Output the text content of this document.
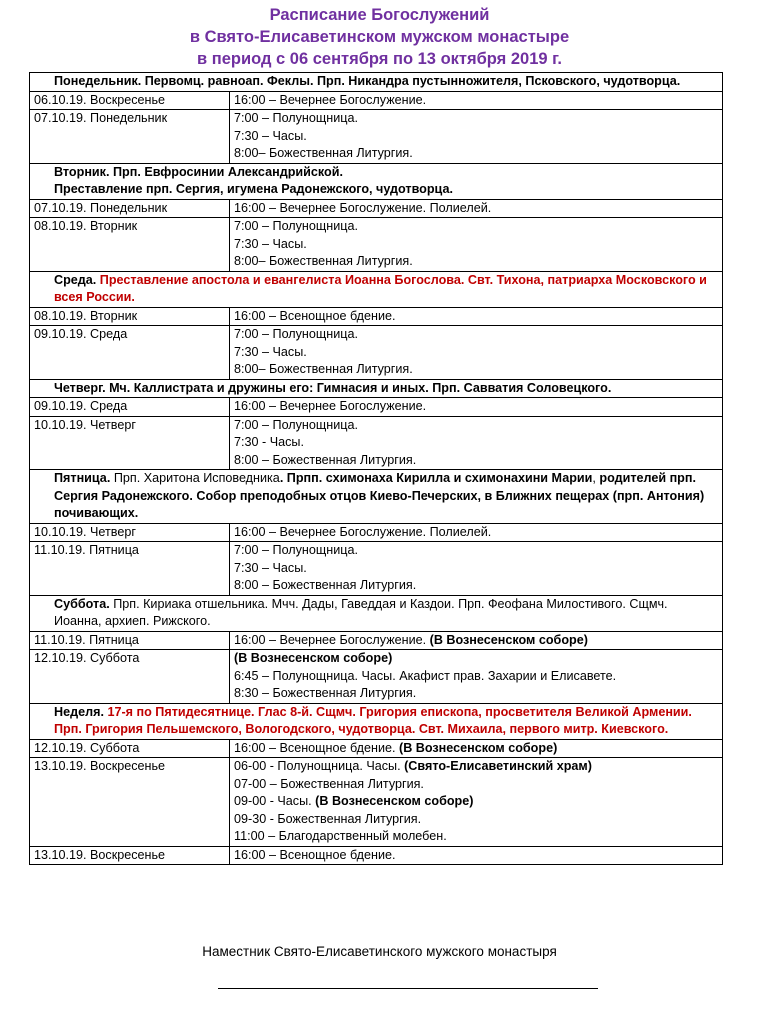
Расписание Богослужений
в Свято-Елисаветинском мужском монастыре
в период с 06 сентября по 13 октября 2019 г.
Понедельник. Первомц. равноап. Феклы. Прп. Никандра пустынножителя, Псковского, чудотворца.	
06.10.19. Воскресенье	16:00 – Вечернее Богослужение.

07.10.19. Понедельник	7:00 – Полунощница.
7:30 – Часы.
8:00– Божественная Литургия.

Вторник. Прп. Евфросинии Александрийской.
Преставление прп. Сергия, игумена Радонежского, чудотворца.	
07.10.19. Понедельник	16:00 – Вечернее Богослужение. Полиелей.

08.10.19. Вторник	7:00 – Полунощница.
7:30 – Часы.
8:00– Божественная Литургия.

Среда. Преставление апостола и евангелиста Иоанна Богослова. Свт. Тихона, патриарха Московского и всея России.	
08.10.19. Вторник	16:00 – Всенощное бдение.

09.10.19. Среда	7:00 – Полунощница.
7:30 – Часы.
8:00– Божественная Литургия.

Четверг. Мч. Каллистрата и дружины его: Гимнасия и иных. Прп. Савватия Соловецкого.	
09.10.19. Среда	16:00 – Вечернее Богослужение.

10.10.19. Четверг	7:00 – Полунощница.
7:30 - Часы.
8:00 – Божественная Литургия.

Пятница. Прп. Харитона Исповедника. Прпп. схимонаха Кирилла и схимонахини Марии, родителей прп. Сергия Радонежского. Собор преподобных отцов Киево-Печерских, в Ближних пещерах (прп. Антония) почивающих.	
10.10.19. Четверг	16:00 – Вечернее Богослужение. Полиелей.

11.10.19. Пятница	7:00 – Полунощница.
7:30 – Часы.
8:00 – Божественная Литургия.

Суббота. Прп. Кириака отшельника. Мчч. Дады, Гаведдая и Каздои. Прп. Феофана Милостивого. Сщмч. Иоанна, архиеп. Рижского.	
11.10.19. Пятница	16:00 – Вечернее Богослужение. (В Вознесенском соборе)

12.10.19. Суббота	(В Вознесенском соборе)
6:45 – Полунощница. Часы. Акафист прав. Захарии и Елисавете.
8:30 – Божественная Литургия.

Неделя. 17-я по Пятидесятнице. Глас 8-й. Сщмч. Григория епископа, просветителя Великой Армении. Прп. Григория Пельшемского, Вологодского, чудотворца. Свт. Михаила, первого митр. Киевского.	
12.10.19. Суббота	16:00 – Всенощное бдение. (В Вознесенском соборе)

13.10.19. Воскресенье	06-00 - Полунощница. Часы. (Свято-Елисаветинский храм)
07-00 – Божественная Литургия.
09-00 - Часы. (В Вознесенском соборе)
09-30 - Божественная Литургия.
11:00 – Благодарственный молебен.

13.10.19. Воскресенье	16:00 – Всенощное бдение.
Наместник Свято-Елисаветинского мужского монастыря
